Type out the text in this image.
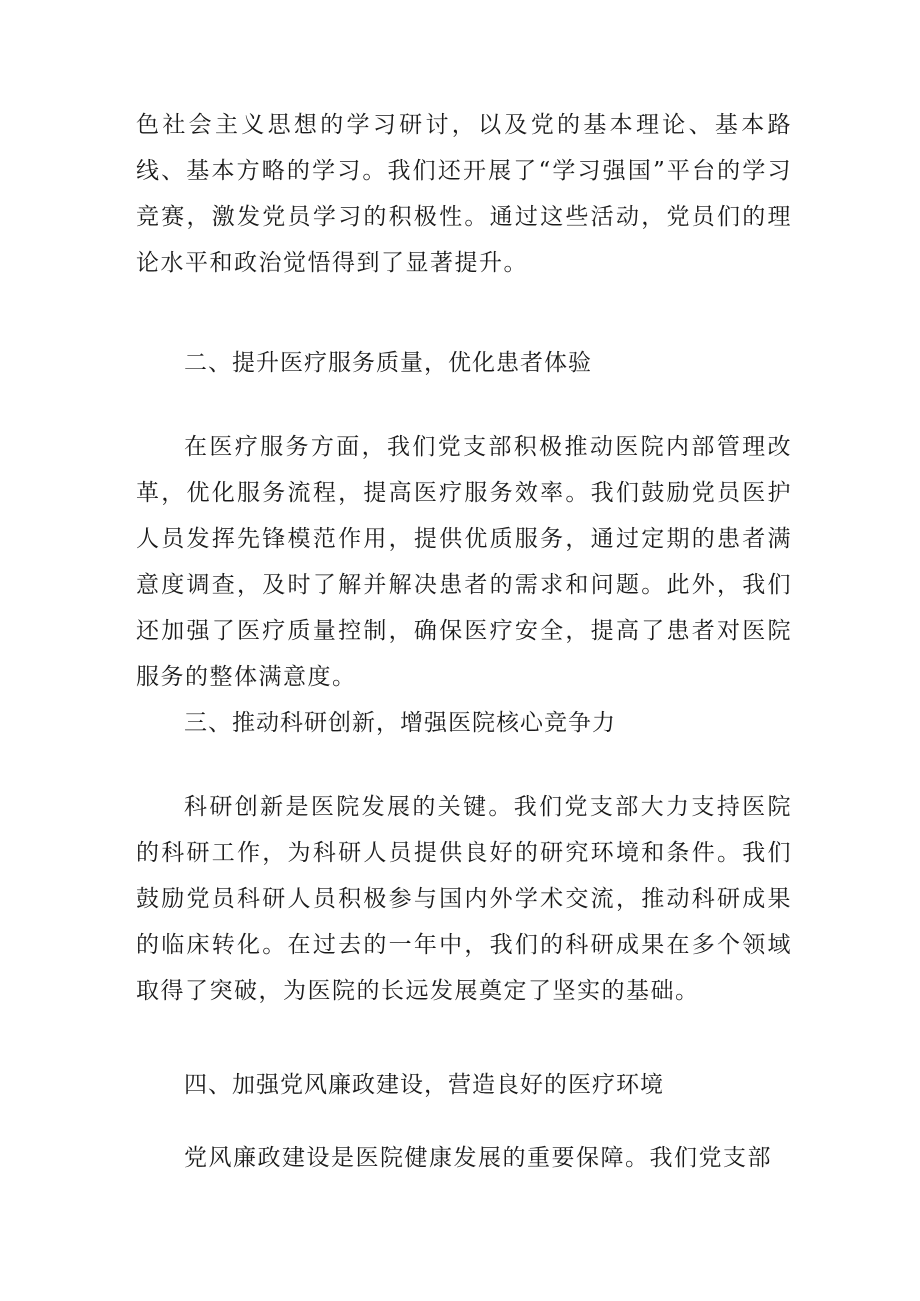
色社会主义思想的学习研讨，以及党的基本理论、基本路线、基本方略的学习。我们还开展了“学习强国”平台的学习竞赛，激发党员学习的积极性。通过这些活动，党员们的理论水平和政治觉悟得到了显著提升。

二、提升医疗服务质量，优化患者体验

在医疗服务方面，我们党支部积极推动医院内部管理改革，优化服务流程，提高医疗服务效率。我们鼓励党员医护人员发挥先锋模范作用，提供优质服务，通过定期的患者满意度调查，及时了解并解决患者的需求和问题。此外，我们还加强了医疗质量控制，确保医疗安全，提高了患者对医院服务的整体满意度。

三、推动科研创新，增强医院核心竞争力

科研创新是医院发展的关键。我们党支部大力支持医院的科研工作，为科研人员提供良好的研究环境和条件。我们鼓励党员科研人员积极参与国内外学术交流，推动科研成果的临床转化。在过去的一年中，我们的科研成果在多个领域取得了突破，为医院的长远发展奠定了坚实的基础。

四、加强党风廉政建设，营造良好的医疗环境

党风廉政建设是医院健康发展的重要保障。我们党支部
